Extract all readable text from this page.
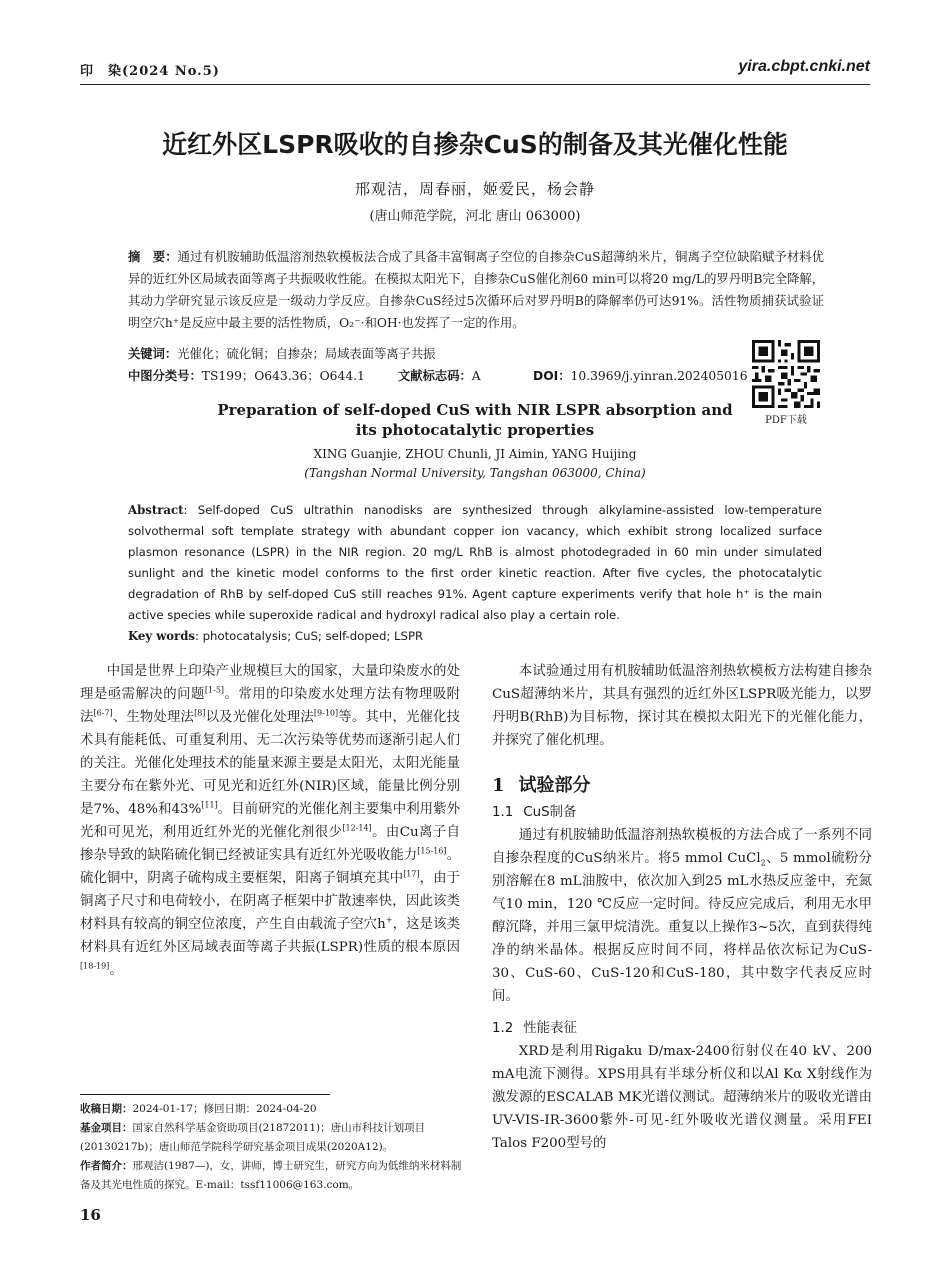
印　染(2024 No.5)	yira.cbpt.cnki.net
近红外区LSPR吸收的自掺杂CuS的制备及其光催化性能
邢观洁，周春丽，姬爱民，杨会静
(唐山师范学院，河北 唐山 063000)
摘　要：通过有机胺辅助低温溶剂热软模板法合成了具备丰富铜离子空位的自掺杂CuS超薄纳米片，铜离子空位缺陷赋予材料优异的近红外区局域表面等离子共振吸收性能。在模拟太阳光下，自掺杂CuS催化剂60 min可以将20 mg/L的罗丹明B完全降解，其动力学研究显示该反应是一级动力学反应。自掺杂CuS经过5次循环后对罗丹明B的降解率仍可达91%。活性物质捕获试验证明空穴h⁺是反应中最主要的活性物质，O₂⁻·和OH·也发挥了一定的作用。
关键词：光催化；硫化铜；自掺杂；局域表面等离子共振
中图分类号：TS199；O643.36；O644.1	文献标志码：A	DOI：10.3969/j.yinran.202405016
PDF下载
Preparation of self-doped CuS with NIR LSPR absorption and
its photocatalytic properties
XING Guanjie, ZHOU Chunli, JI Aimin, YANG Huijing
(Tangshan Normal University, Tangshan 063000, China)
Abstract: Self-doped CuS ultrathin nanodisks are synthesized through alkylamine-assisted low-temperature solvothermal soft template strategy with abundant copper ion vacancy, which exhibit strong localized surface plasmon resonance (LSPR) in the NIR region. 20 mg/L RhB is almost photodegraded in 60 min under simulated sunlight and the kinetic model conforms to the first order kinetic reaction. After five cycles, the photocatalytic degradation of RhB by self-doped CuS still reaches 91%. Agent capture experiments verify that hole h⁺ is the main active species while superoxide radical and hydroxyl radical also play a certain role.
Key words: photocatalysis; CuS; self-doped; LSPR

中国是世界上印染产业规模巨大的国家，大量印染废水的处理是亟需解决的问题[1-5]。常用的印染废水处理方法有物理吸附法[6-7]、生物处理法[8]以及光催化处理法[9-10]等。其中，光催化技术具有能耗低、可重复利用、无二次污染等优势而逐渐引起人们的关注。光催化处理技术的能量来源主要是太阳光，太阳光能量主要分布在紫外光、可见光和近红外(NIR)区域，能量比例分别是7%、48%和43%[11]。目前研究的光催化剂主要集中利用紫外光和可见光，利用近红外光的光催化剂很少[12-14]。由Cu离子自掺杂导致的缺陷硫化铜已经被证实具有近红外光吸收能力[15-16]。硫化铜中，阴离子硫构成主要框架，阳离子铜填充其中[17]，由于铜离子尺寸和电荷较小，在阴离子框架中扩散速率快，因此该类材料具有较高的铜空位浓度，产生自由载流子空穴h+，这是该类材料具有近红外区局域表面等离子共振(LSPR)性质的根本原因[18-19]。

本试验通过用有机胺辅助低温溶剂热软模板方法构建自掺杂CuS超薄纳米片，其具有强烈的近红外区LSPR吸光能力，以罗丹明B(RhB)为目标物，探讨其在模拟太阳光下的光催化能力，并探究了催化机理。

1 试验部分
1.1 CuS制备

通过有机胺辅助低温溶剂热软模板的方法合成了一系列不同自掺杂程度的CuS纳米片。将5 mmol CuCl$_2$、5 mmol硫粉分别溶解在8 mL油胺中，依次加入到25 mL水热反应釜中，充氮气10 min，120 ℃反应一定时间。待反应完成后，利用无水甲醇沉降，并用三氯甲烷清洗。重复以上操作3~5次，直到获得纯净的纳米晶体。根据反应时间不同，将样品依次标记为CuS-30、CuS-60、CuS-120和CuS-180，其中数字代表反应时间。

1.2 性能表征

XRD是利用Rigaku D/max-2400衍射仪在40 kV、200 mA电流下测得。XPS用具有半球分析仪和以Al Kα X射线作为激发源的ESCALAB MK光谱仪测试。超薄纳米片的吸收光谱由UV-VIS-IR-3600紫外-可见-红外吸收光谱仪测量。采用FEI Talos F200型号的

收稿日期：2024-01-17；修回日期：2024-04-20
基金项目：国家自然科学基金资助项目(21872011)；唐山市科技计划项目(20130217b)；唐山师范学院科学研究基金项目成果(2020A12)。
作者简介：邢观洁(1987—)，女，讲师，博士研究生，研究方向为低维纳米材料制备及其光电性质的探究。E-mail：tssf11006@163.com。
16
